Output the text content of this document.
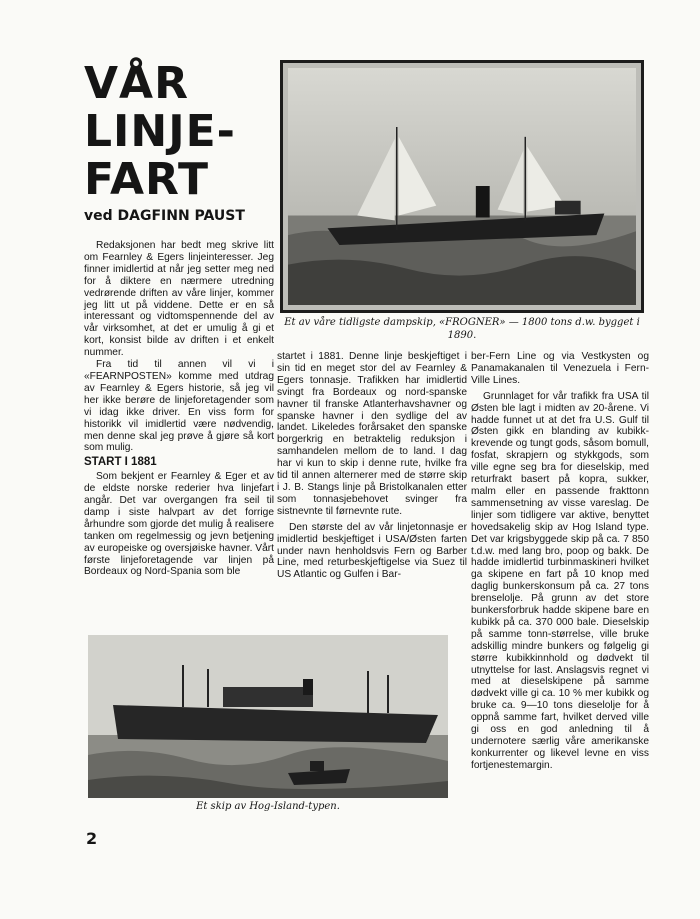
VÅR
LINJE-
FART
ved DAGFINN PAUST

Redaksjonen har bedt meg skrive litt om Fearnley & Egers linjeinteresser. Jeg finner imidlertid at når jeg setter meg ned for å diktere en nærmere utredning vedrørende driften av våre linjer, kommer jeg litt ut på viddene. Dette er en så interessant og vidtomspennende del av vår virksomhet, at det er umulig å gi et kort, konsist bilde av driften i et enkelt nummer.

Fra tid til annen vil vi i «FEARNPOSTEN» komme med utdrag av Fearnley & Egers historie, så jeg vil her ikke berøre de linjeforetagender som vi idag ikke driver. En viss form for historikk vil imidlertid være nødvendig, men denne skal jeg prøve å gjøre så kort som mulig.

START I 1881

Som bekjent er Fearnley & Eger et av de eldste norske rederier hva linjefart angår. Det var overgangen fra seil til damp i siste halvpart av det forrige århundre som gjorde det mulig å realisere tanken om regelmessig og jevn betjening av europeiske og oversjøiske havner. Vårt første linjeforetagende var linjen på Bordeaux og Nord-Spania som ble

Et av våre tidligste dampskip, «FROGNER» — 1800 tons d.w. bygget i 1890.

startet i 1881. Denne linje beskjeftiget i sin tid en meget stor del av Fearnley & Egers tonnasje. Trafikken har imidlertid svingt fra Bordeaux og nord-spanske havner til franske Atlanterhavshavner og spanske havner i den sydlige del av landet. Likeledes forårsaket den spanske borgerkrig en betraktelig reduksjon i samhandelen mellom de to land. I dag har vi kun to skip i denne rute, hvilke fra tid til annen alternerer med de større skip i J. B. Stangs linje på Bristolkanalen etter som tonnasjebehovet svinger fra sistnevnte til førnevnte rute.

Den største del av vår linjetonnasje er imidlertid beskjeftiget i USA/Østen farten under navn henholdsvis Fern og Barber Line, med returbeskjeftigelse via Suez til US Atlantic og Gulfen i Bar-

ber-Fern Line og via Vestkysten og Panamakanalen til Venezuela i Fern-Ville Lines.

Grunnlaget for vår trafikk fra USA til Østen ble lagt i midten av 20-årene. Vi hadde funnet ut at det fra U.S. Gulf til Østen gikk en blanding av kubikk-krevende og tungt gods, såsom bomull, fosfat, skrapjern og stykkgods, som ville egne seg bra for dieselskip, med returfrakt basert på kopra, sukker, malm eller en passende frakttonn sammensetning av visse vareslag. De linjer som tidligere var aktive, benyttet hovedsakelig skip av Hog Island type. Det var krigsbyggede skip på ca. 7 850 t.d.w. med lang bro, poop og bakk. De hadde imidlertid turbinmaskineri hvilket ga skipene en fart på 10 knop med daglig bunkerskonsum på ca. 27 tons brenselolje. På grunn av det store bunkersforbruk hadde skipene bare en kubikk på ca. 370 000 bale. Dieselskip på samme tonn-størrelse, ville bruke adskillig mindre bunkers og følgelig gi større kubikkinnhold og dødvekt til utnyttelse for last. Anslagsvis regnet vi med at dieselskipene på samme dødvekt ville gi ca. 10 % mer kubikk og bruke ca. 9—10 tons dieselolje for å oppnå samme fart, hvilket derved ville gi oss en god anledning til å undernotere særlig våre amerikanske konkurrenter og likevel levne en viss fortjenestemargin.

Et skip av Hog-Island-typen.
2
